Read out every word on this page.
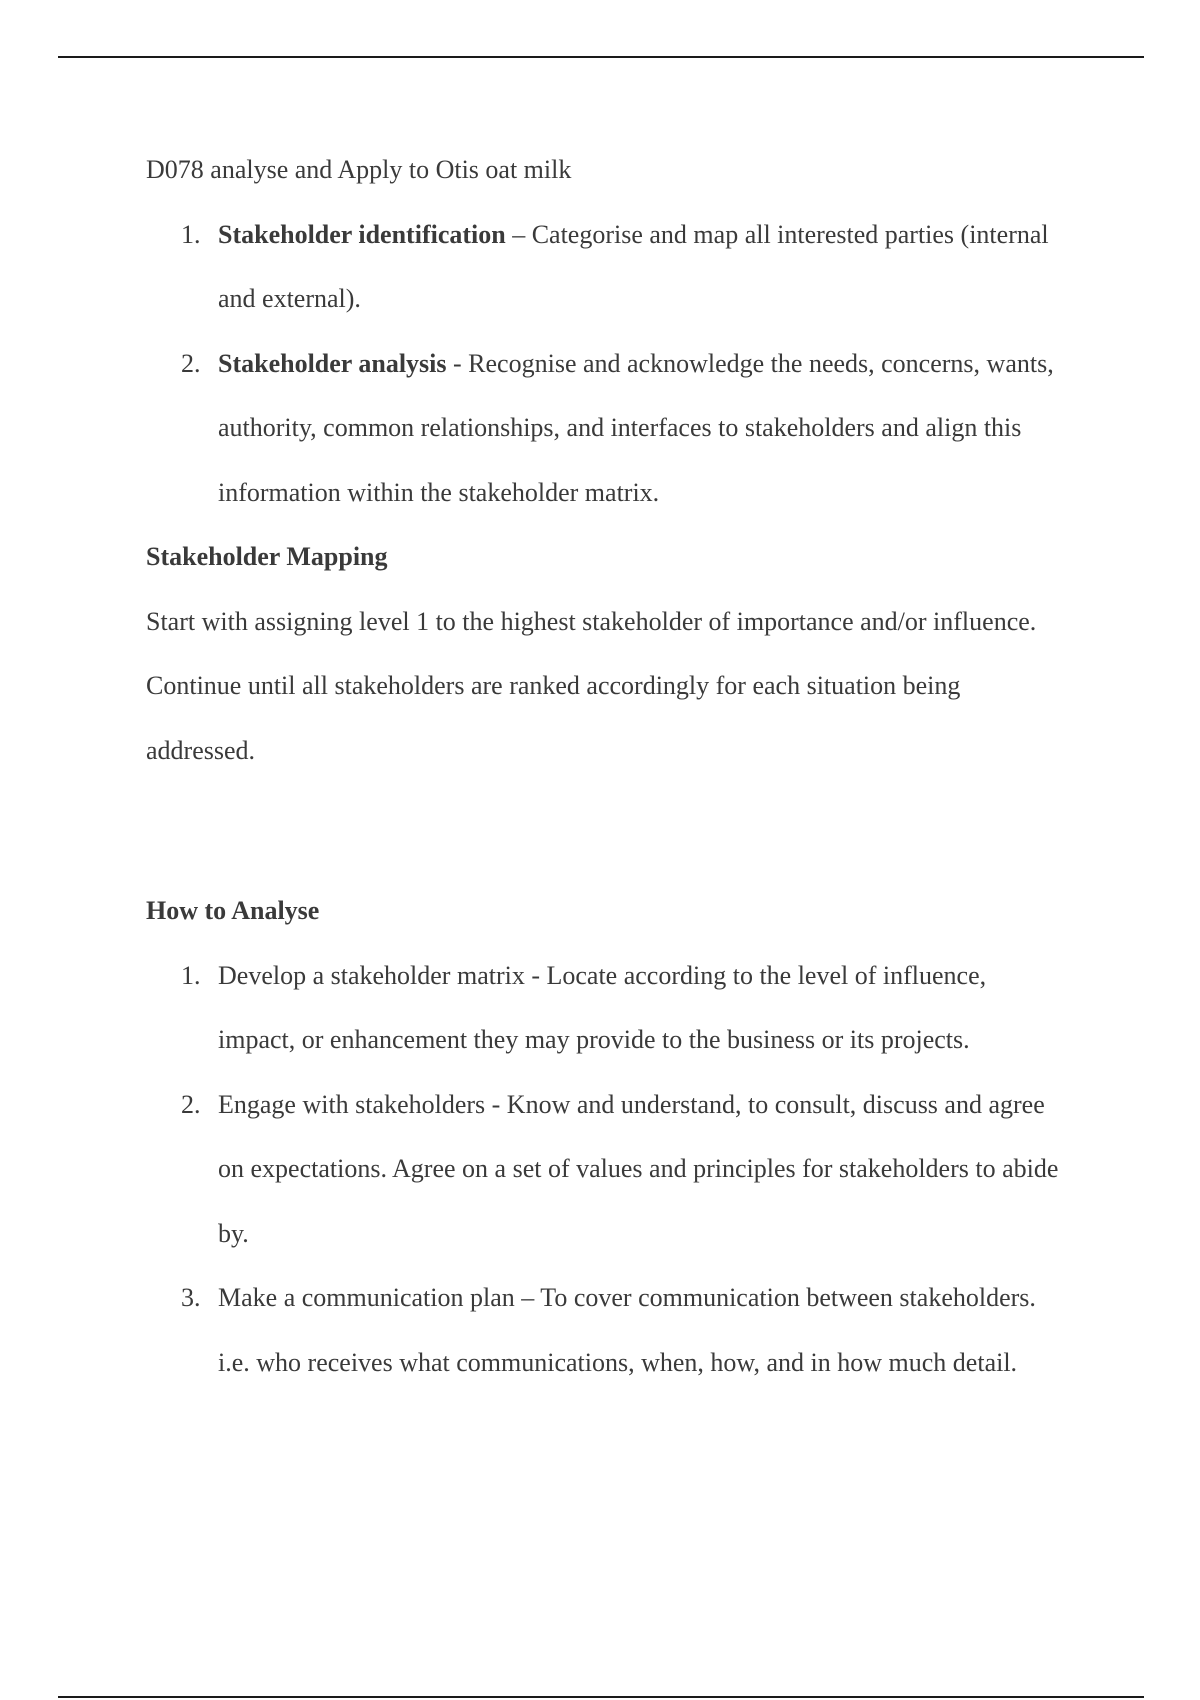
D078 analyse and Apply to Otis oat milk

1. Stakeholder identification – Categorise and map all interested parties (internal and external).
2. Stakeholder analysis - Recognise and acknowledge the needs, concerns, wants, authority, common relationships, and interfaces to stakeholders and align this information within the stakeholder matrix.

Stakeholder Mapping

Start with assigning level 1 to the highest stakeholder of importance and/or influence. Continue until all stakeholders are ranked accordingly for each situation being addressed.

How to Analyse

1. Develop a stakeholder matrix - Locate according to the level of influence, impact, or enhancement they may provide to the business or its projects.
2. Engage with stakeholders - Know and understand, to consult, discuss and agree on expectations. Agree on a set of values and principles for stakeholders to abide by.
3. Make a communication plan – To cover communication between stakeholders. i.e. who receives what communications, when, how, and in how much detail.
